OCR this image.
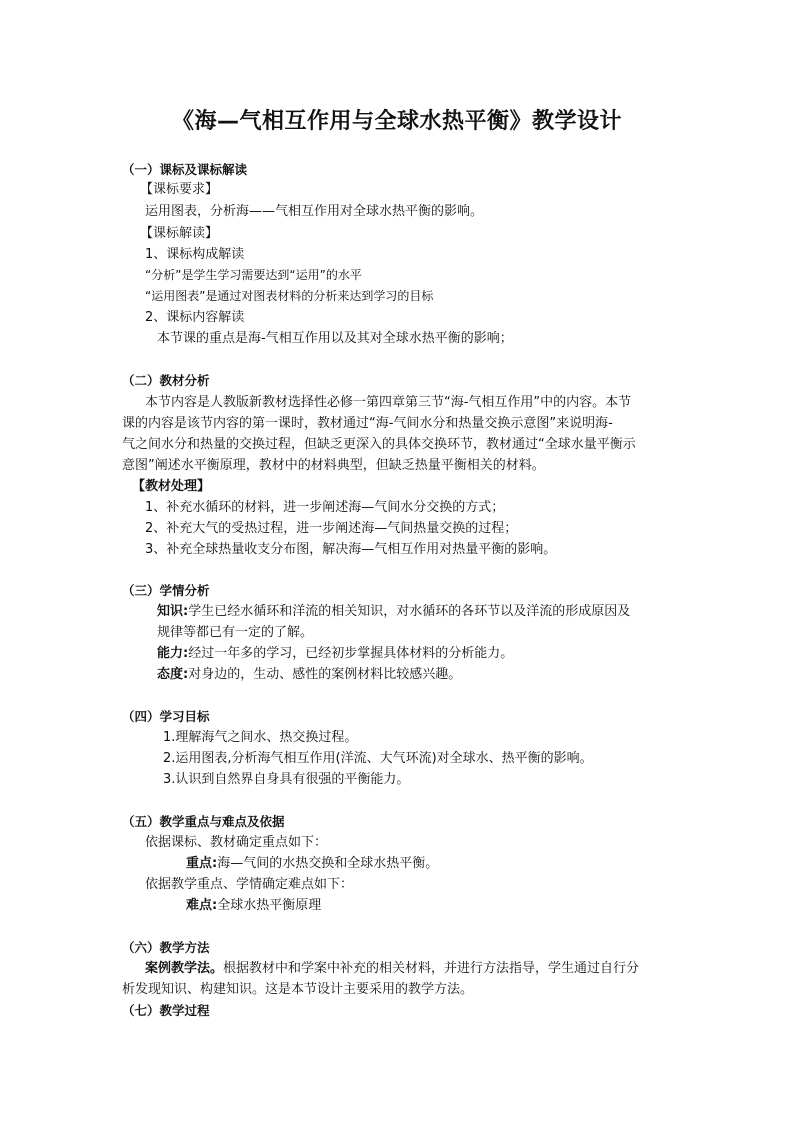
《海—气相互作用与全球水热平衡》教学设计
（一）课标及课标解读
【课标要求】
运用图表，分析海——气相互作用对全球水热平衡的影响。
【课标解读】
1、课标构成解读
“分析”是学生学习需要达到“运用”的水平
“运用图表”是通过对图表材料的分析来达到学习的目标
2、课标内容解读
本节课的重点是海-气相互作用以及其对全球水热平衡的影响；
（二）教材分析
本节内容是人教版新教材选择性必修一第四章第三节“海-气相互作用”中的内容。本节
课的内容是该节内容的第一课时，教材通过“海-气间水分和热量交换示意图”来说明海-
气之间水分和热量的交换过程，但缺乏更深入的具体交换环节，教材通过“全球水量平衡示
意图”阐述水平衡原理，教材中的材料典型，但缺乏热量平衡相关的材料。
【教材处理】
1、补充水循环的材料，进一步阐述海—气间水分交换的方式；
2、补充大气的受热过程，进一步阐述海—气间热量交换的过程；
3、补充全球热量收支分布图，解决海—气相互作用对热量平衡的影响。
（三）学情分析
知识:学生已经水循环和洋流的相关知识，对水循环的各环节以及洋流的形成原因及
规律等都已有一定的了解。
能力:经过一年多的学习，已经初步掌握具体材料的分析能力。
态度:对身边的，生动、感性的案例材料比较感兴趣。
（四）学习目标
1.理解海气之间水、热交换过程。
2.运用图表,分析海气相互作用(洋流、大气环流)对全球水、热平衡的影响。
3.认识到自然界自身具有很强的平衡能力。
（五）教学重点与难点及依据
依据课标、教材确定重点如下：
重点:海—气间的水热交换和全球水热平衡。
依据教学重点、学情确定难点如下：
难点:全球水热平衡原理
（六）教学方法
案例教学法。根据教材中和学案中补充的相关材料，并进行方法指导，学生通过自行分
析发现知识、构建知识。这是本节设计主要采用的教学方法。
（七）教学过程
